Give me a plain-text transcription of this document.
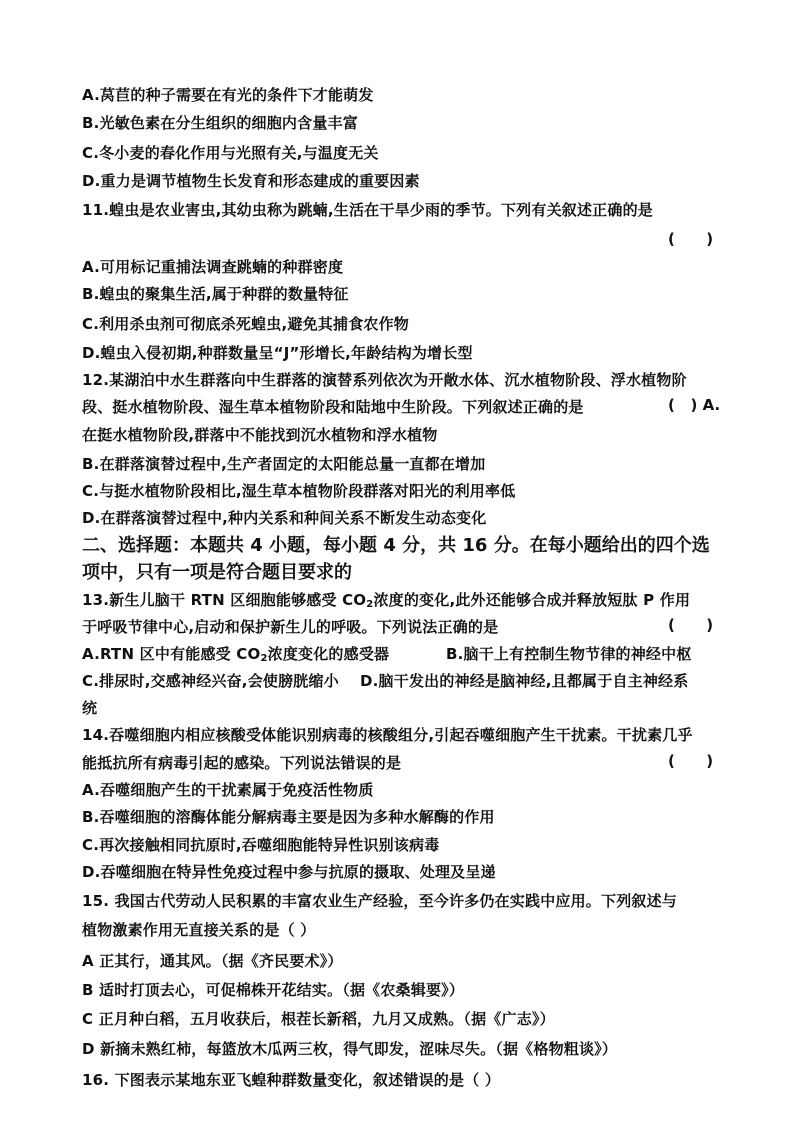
A.莴苣的种子需要在有光的条件下才能萌发
B.光敏色素在分生组织的细胞内含量丰富
C.冬小麦的春化作用与光照有关,与温度无关
D.重力是调节植物生长发育和形态建成的重要因素
11.蝗虫是农业害虫,其幼虫称为跳蝻,生活在干旱少雨的季节。下列有关叙述正确的是
(      )
A.可用标记重捕法调查跳蝻的种群密度
B.蝗虫的聚集生活,属于种群的数量特征
C.利用杀虫剂可彻底杀死蝗虫,避免其捕食农作物
D.蝗虫入侵初期,种群数量呈“J”形增长,年龄结构为增长型
12.某湖泊中水生群落向中生群落的演替系列依次为开敞水体、沉水植物阶段、浮水植物阶
段、挺水植物阶段、湿生草本植物阶段和陆地中生阶段。下列叙述正确的是	(   ) A.
在挺水植物阶段,群落中不能找到沉水植物和浮水植物
B.在群落演替过程中,生产者固定的太阳能总量一直都在增加
C.与挺水植物阶段相比,湿生草本植物阶段群落对阳光的利用率低
D.在群落演替过程中,种内关系和种间关系不断发生动态变化
二、选择题：本题共 4 小题，每小题 4 分，共 16 分。在每小题给出的四个选
项中，只有一项是符合题目要求的
13.新生儿脑干 RTN 区细胞能够感受 $CO_2$浓度的变化,此外还能够合成并释放短肽 P 作用
于呼吸节律中心,启动和保护新生儿的呼吸。下列说法正确的是	(      )
A.RTN 区中有能感受 $CO_2$浓度变化的感受器	B.脑干上有控制生物节律的神经中枢
C.排尿时,交感神经兴奋,会使膀胱缩小 D.脑干发出的神经是脑神经,且都属于自主神经系
统
14.吞噬细胞内相应核酸受体能识别病毒的核酸组分,引起吞噬细胞产生干扰素。干扰素几乎
能抵抗所有病毒引起的感染。下列说法错误的是	(      )
A.吞噬细胞产生的干扰素属于免疫活性物质
B.吞噬细胞的溶酶体能分解病毒主要是因为多种水解酶的作用
C.再次接触相同抗原时,吞噬细胞能特异性识别该病毒
D.吞噬细胞在特异性免疫过程中参与抗原的摄取、处理及呈递
15. 我国古代劳动人民积累的丰富农业生产经验，至今许多仍在实践中应用。下列叙述与
植物激素作用无直接关系的是（ ）
A 正其行，通其风。（据《齐民要术》）
B 适时打顶去心，可促棉株开花结实。（据《农桑辑要》）
C 正月种白稻，五月收获后，根茬长新稻，九月又成熟。（据《广志》）
D 新摘未熟红柿，每篮放木瓜两三枚，得气即发，涩味尽失。（据《格物粗谈》）
16. 下图表示某地东亚飞蝗种群数量变化，叙述错误的是（ ）
